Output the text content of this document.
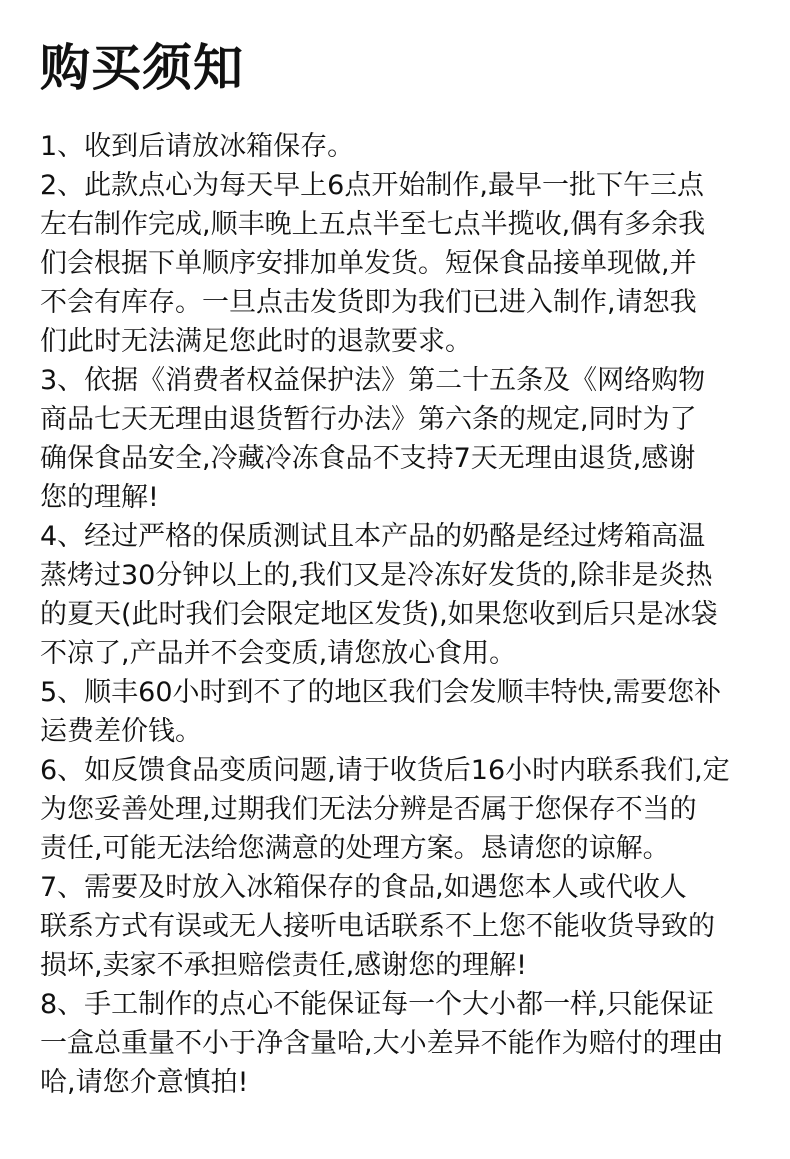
购买须知
1、收到后请放冰箱保存。
2、此款点心为每天早上6点开始制作,最早一批下午三点
左右制作完成,顺丰晚上五点半至七点半揽收,偶有多余我
们会根据下单顺序安排加单发货。短保食品接单现做,并
不会有库存。一旦点击发货即为我们已进入制作,请恕我
们此时无法满足您此时的退款要求。
3、依据《消费者权益保护法》第二十五条及《网络购物
商品七天无理由退货暂行办法》第六条的规定,同时为了
确保食品安全,冷藏冷冻食品不支持7天无理由退货,感谢
您的理解!
4、经过严格的保质测试且本产品的奶酪是经过烤箱高温
蒸烤过30分钟以上的,我们又是冷冻好发货的,除非是炎热
的夏天(此时我们会限定地区发货),如果您收到后只是冰袋
不凉了,产品并不会变质,请您放心食用。
5、顺丰60小时到不了的地区我们会发顺丰特快,需要您补
运费差价钱。
6、如反馈食品变质问题,请于收货后16小时内联系我们,定
为您妥善处理,过期我们无法分辨是否属于您保存不当的
责任,可能无法给您满意的处理方案。恳请您的谅解。
7、需要及时放入冰箱保存的食品,如遇您本人或代收人
联系方式有误或无人接听电话联系不上您不能收货导致的
损坏,卖家不承担赔偿责任,感谢您的理解!
8、手工制作的点心不能保证每一个大小都一样,只能保证
一盒总重量不小于净含量哈,大小差异不能作为赔付的理由
哈,请您介意慎拍!
